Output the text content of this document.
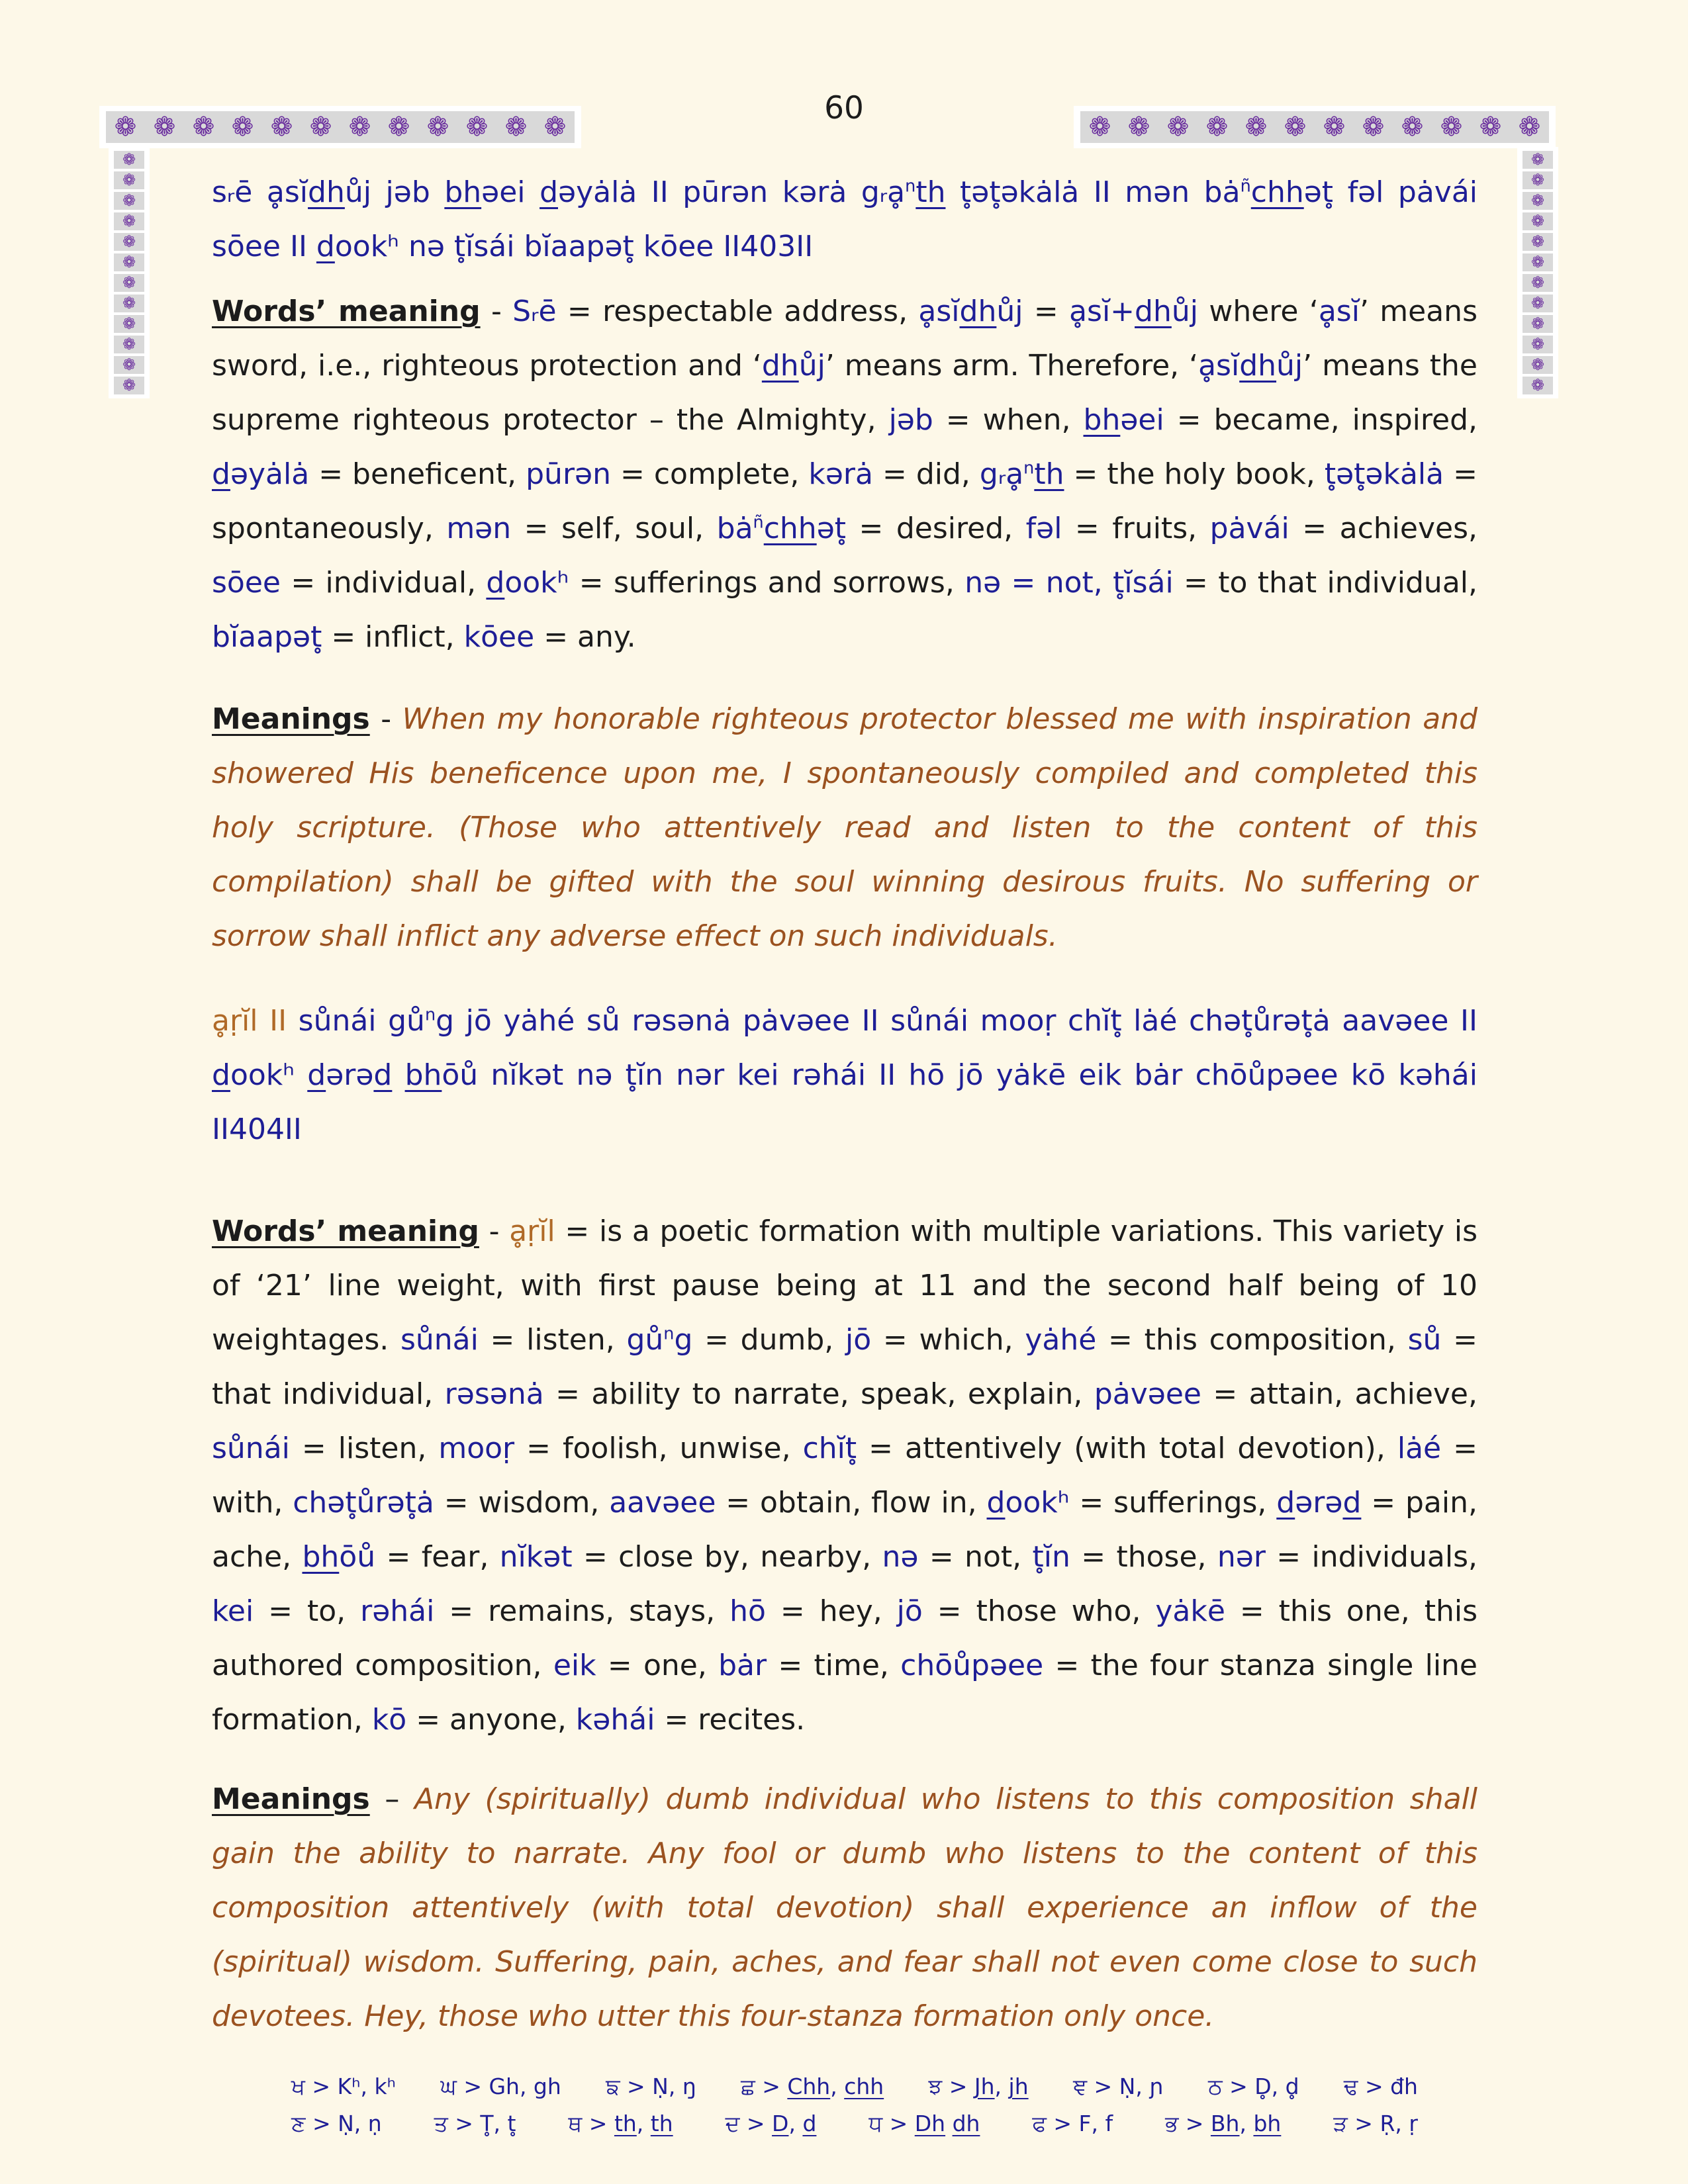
❁ ❁ ❁ ❁ ❁ ❁ ❁ ❁ ❁ ❁ ❁ ❁
60
❁ ❁ ❁ ❁ ❁ ❁ ❁ ❁ ❁ ❁ ❁ ❁
❁
❁
❁
❁
❁
❁
❁
❁
❁
❁
❁
❁
❁
❁
❁
❁
❁
❁
❁
❁
❁
❁
❁
❁

sᵣē ḁsĭdhůj jəb bhəei dəyȧlȧ II pūrən kərȧ gᵣḁ$^n$th t̥ət̥əkȧlȧ II mən $bȧ^ñchhət̥$ fəl pȧvái sōee II dookʰ nə t̥ĭsái bĭaapət̥ kōee II403II

Words’ meaning - Sᵣē = respectable address, ḁsĭdhůj = ḁsĭ+dhůj where ‘ḁsĭ’ means sword, i.e., righteous protection and ‘dhůj’ means arm. Therefore, ‘ḁsĭdhůj’ means the supreme righteous protector – the Almighty, jəb = when, bhəei = became, inspired, dəyȧlȧ = beneficent, pūrən = complete, kərȧ = did, gᵣḁ$^n$th = the holy book, t̥ət̥əkȧlȧ = spontaneously, mən = self, soul, $bȧ^ñchhət̥$ = desired, fəl = fruits, pȧvái = achieves, sōee = individual, dookʰ = sufferings and sorrows, nə = not, t̥ĭsái = to that individual, bĭaapət̥ = inflict, kōee = any.

Meanings - When my honorable righteous protector blessed me with inspiration and showered His beneficence upon me, I spontaneously compiled and completed this holy scripture. (Those who attentively read and listen to the content of this compilation) shall be gifted with the soul winning desirous fruits. No suffering or sorrow shall inflict any adverse effect on such individuals.

ḁṛĭl II sůnái $gů^ng$ jō yȧhé sů rəsənȧ pȧvəee II sůnái mooṛ chĭt̥ lȧé chət̥ůrət̥ȧ aavəee II dookʰ dərəd bhōů nĭkət nə t̥ĭn nər kei rəhái II hō jō yȧkē eik bȧr chōůpəee kō kəhái II404II

Words’ meaning - ḁṛĭl = is a poetic formation with multiple variations. This variety is of ‘21’ line weight, with first pause being at 11 and the second half being of 10 weightages. sůnái = listen, $gů^ng$ = dumb, jō = which, yȧhé = this composition, sů = that individual, rəsənȧ = ability to narrate, speak, explain, pȧvəee = attain, achieve, sůnái = listen, mooṛ = foolish, unwise, chĭt̥ = attentively (with total devotion), lȧé = with, chət̥ůrət̥ȧ = wisdom, aavəee = obtain, flow in, dookʰ = sufferings, dərəd = pain, ache, bhōů = fear, nĭkət = close by, nearby, nə = not, t̥ĭn = those, nər = individuals, kei = to, rəhái = remains, stays, hō = hey, jō = those who, yȧkē = this one, this authored composition, eik = one, bȧr = time, chōůpəee = the four stanza single line formation, kō = anyone, kəhái = recites.

Meanings – Any (spiritually) dumb individual who listens to this composition shall gain the ability to narrate. Any fool or dumb who listens to the content of this composition attentively (with total devotion) shall experience an inflow of the (spiritual) wisdom. Suffering, pain, aches, and fear shall not even come close to such devotees. Hey, those who utter this four-stanza formation only once.

ਖ > Kʰ, kʰ ਘ > Gh, gh ਙ > Ṇ, ŋ ਛ > Chh, chh ਝ > Jh, jh ਞ > Ṇ, ɲ ਠ > D̥, d̥ ਢ > đh
ਣ > Ṇ, ṇ ਤ > T̥, t̥ ਥ > th, th ਦ > D, d ਧ > Dh dh ਫ > F, f ਭ > Bh, bh ੜ > Ṛ, ṛ
